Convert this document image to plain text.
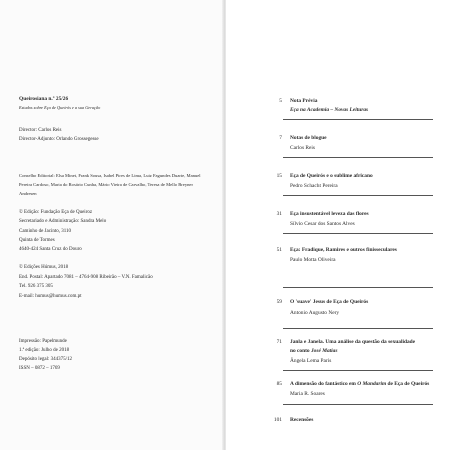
Queirosiana n.º 25/26
Estudos sobre Eça de Queirós e a sua Geração
Director: Carlos Reis
Director-Adjunto: Orlando Grossegesse
Conselho Editorial: Elsa Minet, Frank Sousa, Isabel Pires de Lima, Luiz Fagundes Duarte, Manuel
Pereira Cardoso, Maria do Rosário Cunha, Mário Vieira de Carvalho, Teresa de Mello Breyner
Andresen
© Edição: Fundação Eça de Queiroz
Secretariado e Administração: Sandra Melo
Caminho de Jacinto, 3110
Quinta de Tormes
4640-424 Santa Cruz do Douro
© Edições Húmus, 2018
End. Postal: Apartado 7081 – 4764-908 Ribeirão – V.N. Famalicão
Tel. 926 375 305
E-mail: humus@humus.com.pt
Impressão: Papelmunde
1.ª edição: Julho de 2018
Depósito legal: 344375/12
ISSN – 0872 – 1769
5 Nota Prévia
Eça na Academia – Novas Leituras
7 Notas de blogue
Carlos Reis
15 Eça de Queirós e o sublime africano
Pedro Schacht Pereira
31 Eça insustentável leveza das flores
Sílvio Cesar dos Santos Alves
51 Eça: Fradique, Ramires e outros finisseculares
Paulo Motta Oliveira
59 O 'suave' Jesus de Eça de Queirós
Antonio Augusto Nery
71 Janla e Janela. Uma análise da questão da sexualidade
no conto José Matias
Ângela Lema Paris
85 A dimensão do fantástico em O Mandarim de Eça de Queirós
Maria R. Soares
101 Recensões
